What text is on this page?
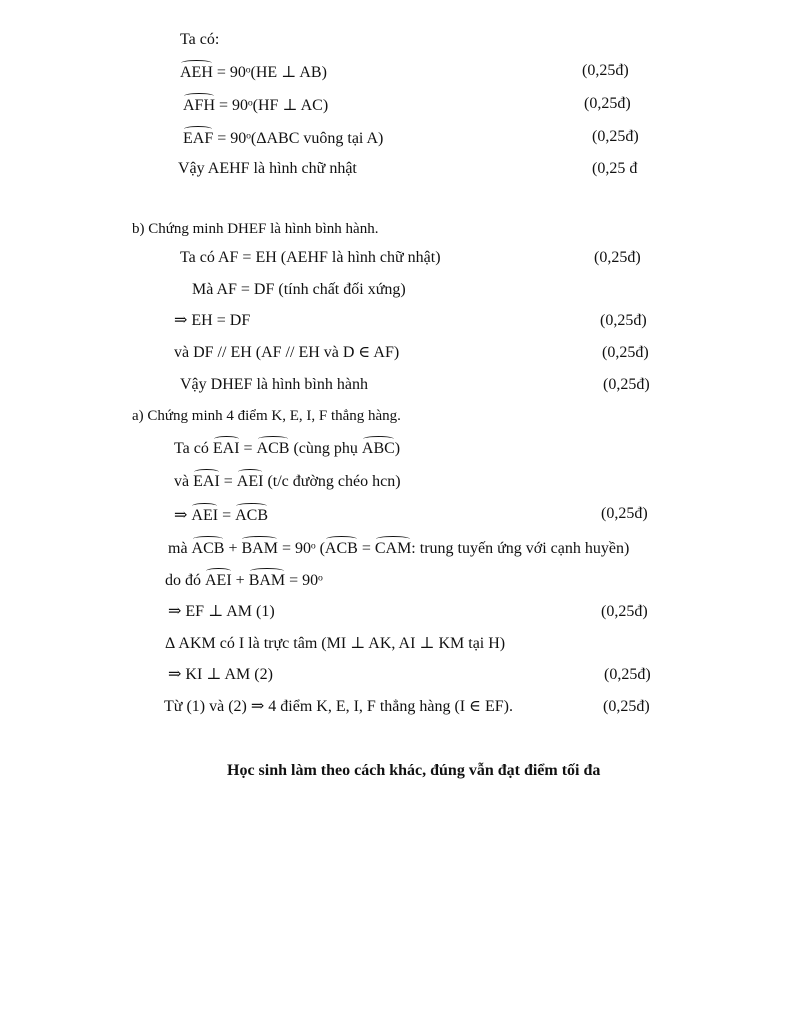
Ta có:
AEH = 90ᵒ(HE ⊥ AB)	(0,25đ)
AFH = 90ᵒ(HF ⊥ AC)	(0,25đ)
EAF = 90ᵒ(ΔABC vuông tại A)	(0,25đ)
Vậy AEHF là hình chữ nhật	(0,25 đ
b) Chứng minh DHEF là hình bình hành.
Ta có AF = EH (AEHF là hình chữ nhật)	(0,25đ)
Mà AF = DF (tính chất đối xứng)
⇒ EH = DF	(0,25đ)
và DF // EH (AF // EH và D ∈ AF)	(0,25đ)
Vậy DHEF là hình bình hành	(0,25đ)
a) Chứng minh 4 điểm K, E, I, F thẳng hàng.
Ta có EAI = ACB (cùng phụ ABC)
và EAI = AEI (t/c đường chéo hcn)
⇒ AEI = ACB	(0,25đ)
mà ACB + BAM = 90ᵒ (ACB = CAM: trung tuyến ứng với cạnh huyền)
do đó AEI + BAM = 90ᵒ
⇒ EF ⊥ AM (1)	(0,25đ)
Δ AKM có I là trực tâm (MI ⊥ AK, AI ⊥ KM tại H)
⇒ KI ⊥ AM (2)	(0,25đ)
Từ (1) và (2) ⇒ 4 điểm K, E, I, F thẳng hàng (I ∈ EF).	(0,25đ)
Học sinh làm theo cách khác, đúng vẫn đạt điểm tối đa
